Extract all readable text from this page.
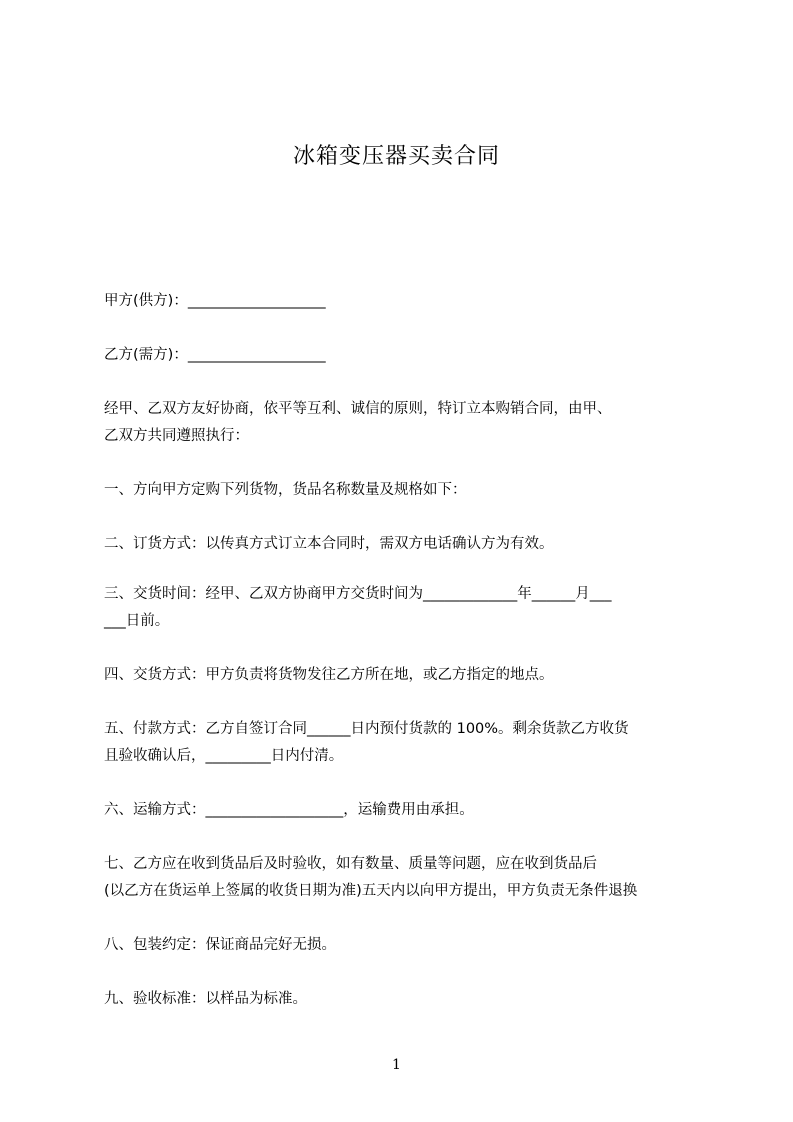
冰箱变压器买卖合同
甲方(供方)：___________________
乙方(需方)：___________________
经甲、乙双方友好协商，依平等互利、诚信的原则，特订立本购销合同，由甲、
乙双方共同遵照执行：
一、方向甲方定购下列货物，货品名称数量及规格如下：
二、订货方式：以传真方式订立本合同时，需双方电话确认方为有效。
三、交货时间：经甲、乙双方协商甲方交货时间为_____________年______月___
___日前。
四、交货方式：甲方负责将货物发往乙方所在地，或乙方指定的地点。
五、付款方式：乙方自签订合同______日内预付货款的 100%。剩余货款乙方收货
且验收确认后，_________日内付清。
六、运输方式：___________________，运输费用由承担。
七、乙方应在收到货品后及时验收，如有数量、质量等问题，应在收到货品后
(以乙方在货运单上签属的收货日期为准)五天内以向甲方提出，甲方负责无条件退换
八、包装约定：保证商品完好无损。
九、验收标准：以样品为标准。
1
